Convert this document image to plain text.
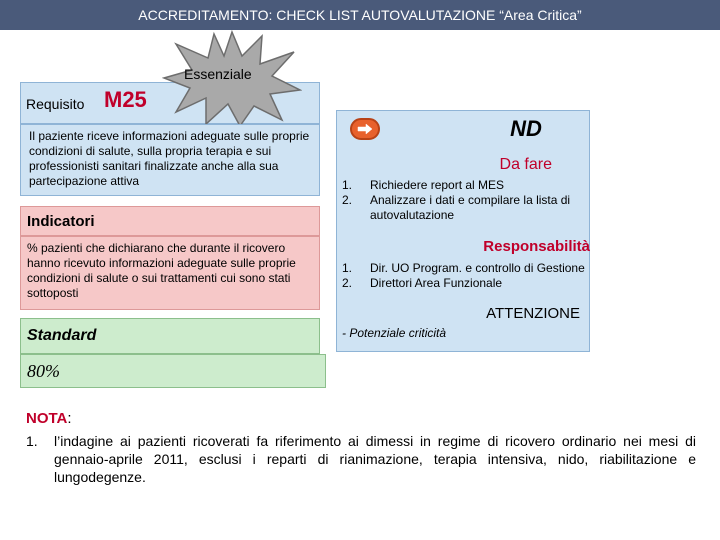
ACCREDITAMENTO: CHECK LIST AUTOVALUTAZIONE “Area Critica”
Requisito M25
Essenziale
Il paziente riceve informazioni adeguate sulle proprie condizioni di salute, sulla propria terapia e sui professionisti sanitari finalizzate anche alla sua partecipazione attiva
Indicatori
% pazienti che dichiarano che durante il ricovero hanno ricevuto informazioni adeguate sulle proprie condizioni di salute o sui trattamenti cui sono stati sottoposti
Standard
80%
ND
Da fare
1.	Richiedere report al MES
2.	Analizzare i dati e compilare la lista di autovalutazione
Responsabilità
1.	Dir. UO Program. e controllo di Gestione
2.	Direttori Area Funzionale
ATTENZIONE
- Potenziale criticità
NOTA:
1.	l’indagine ai pazienti ricoverati fa riferimento ai dimessi in regime di ricovero ordinario nei mesi di gennaio-aprile 2011, esclusi i reparti di rianimazione, terapia intensiva, nido, riabilitazione e lungodegenze.
